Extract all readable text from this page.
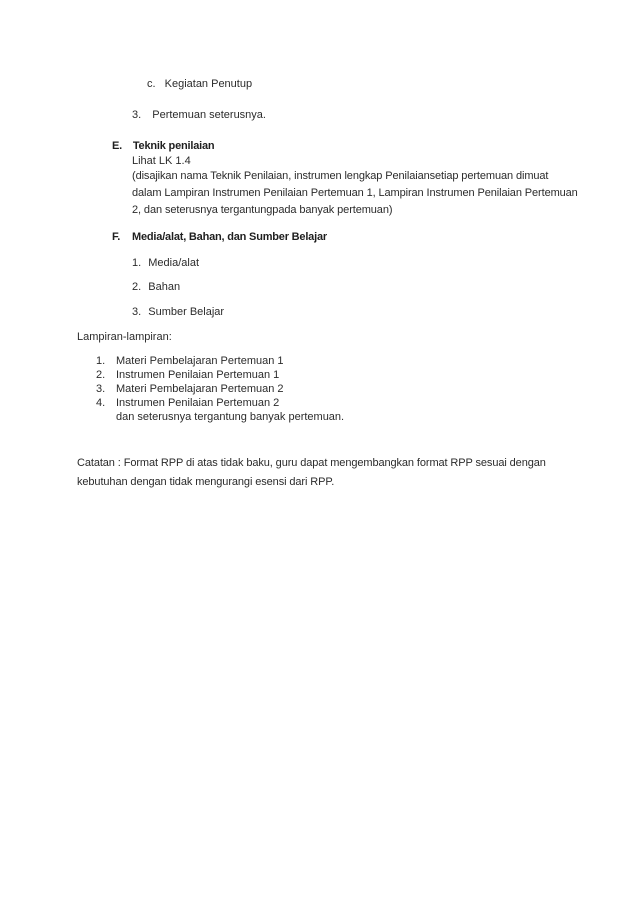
c. Kegiatan Penutup
3. Pertemuan seterusnya.
E. Teknik penilaian
Lihat LK 1.4
(disajikan nama Teknik Penilaian, instrumen lengkap Penilaiansetiap pertemuan dimuat
dalam Lampiran Instrumen Penilaian Pertemuan 1, Lampiran Instrumen Penilaian Pertemuan
2, dan seterusnya tergantungpada banyak pertemuan)
F. Media/alat, Bahan, dan Sumber Belajar
1. Media/alat
2. Bahan
3. Sumber Belajar
Lampiran-lampiran:
1. Materi Pembelajaran Pertemuan 1
2. Instrumen Penilaian Pertemuan 1
3. Materi Pembelajaran Pertemuan 2
4. Instrumen Penilaian Pertemuan 2
dan seterusnya tergantung banyak pertemuan.
Catatan : Format RPP di atas tidak baku, guru dapat mengembangkan format RPP sesuai dengan
kebutuhan dengan tidak mengurangi esensi dari RPP.
